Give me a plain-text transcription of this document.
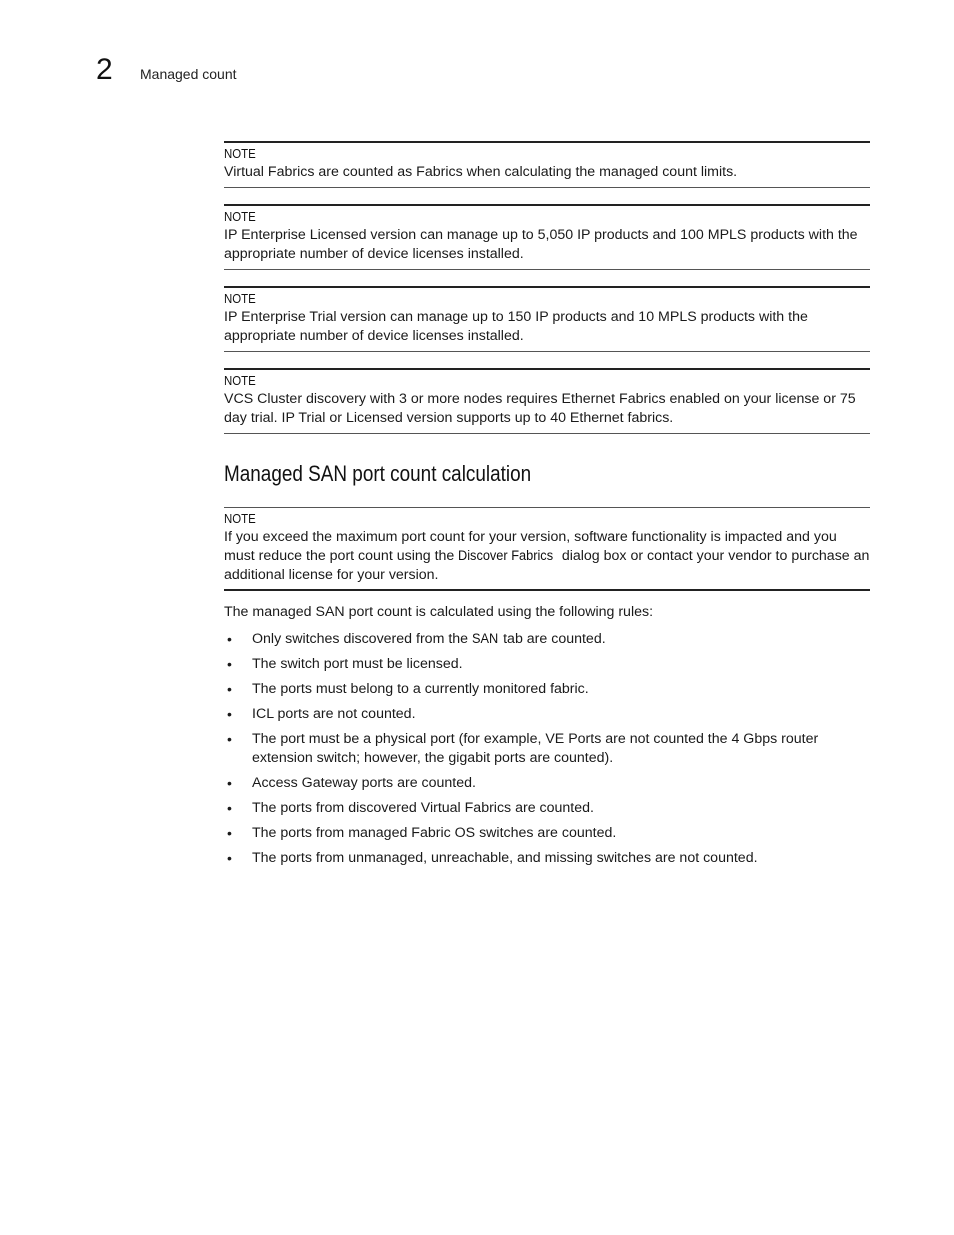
2 Managed count
NOTE
Virtual Fabrics are counted as Fabrics when calculating the managed count limits.
NOTE
IP Enterprise Licensed version can manage up to 5,050 IP products and 100 MPLS products with the appropriate number of device licenses installed.
NOTE
IP Enterprise Trial version can manage up to 150 IP products and 10 MPLS products with the appropriate number of device licenses installed.
NOTE
VCS Cluster discovery with 3 or more nodes requires Ethernet Fabrics enabled on your license or 75 day trial. IP Trial or Licensed version supports up to 40 Ethernet fabrics.
Managed SAN port count calculation
NOTE
If you exceed the maximum port count for your version, software functionality is impacted and you must reduce the port count using the Discover Fabrics dialog box or contact your vendor to purchase an additional license for your version.

The managed SAN port count is calculated using the following rules:

• Only switches discovered from the SAN tab are counted.
• The switch port must be licensed.
• The ports must belong to a currently monitored fabric.
• ICL ports are not counted.
• The port must be a physical port (for example, VE Ports are not counted the 4 Gbps router extension switch; however, the gigabit ports are counted).
• Access Gateway ports are counted.
• The ports from discovered Virtual Fabrics are counted.
• The ports from managed Fabric OS switches are counted.
• The ports from unmanaged, unreachable, and missing switches are not counted.
